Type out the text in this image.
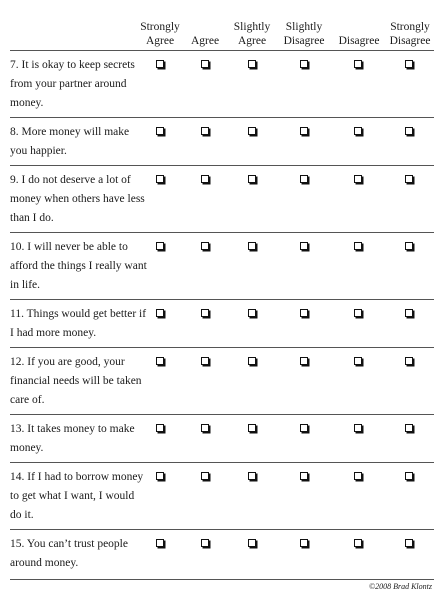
Strongly
Agree	Agree
Slightly
Agree
Slightly
Disagree	Disagree
Strongly
Disagree
7. It is okay to keep secrets from your partner around money.
8. More money will make you happier.
9. I do not deserve a lot of money when others have less than I do.
10. I will never be able to afford the things I really want in life.
11. Things would get better if I had more money.
12. If you are good, your financial needs will be taken care of.
13. It takes money to make money.
14. If I had to borrow money to get what I want, I would do it.
15. You can’t trust people around money.
©2008 Brad Klontz
